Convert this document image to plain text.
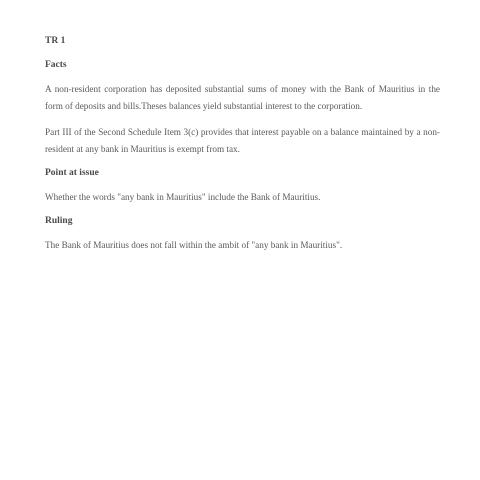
TR 1

Facts

A non-resident corporation has deposited substantial sums of money with the Bank of Mauritius in the form of deposits and bills.Theses balances yield substantial interest to the corporation.

Part III of the Second Schedule Item 3(c) provides that interest payable on a balance maintained by a non-resident at any bank in Mauritius is exempt from tax.

Point at issue

Whether the words "any bank in Mauritius" include the Bank of Mauritius.

Ruling

The Bank of Mauritius does not fall within the ambit of "any bank in Mauritius".
